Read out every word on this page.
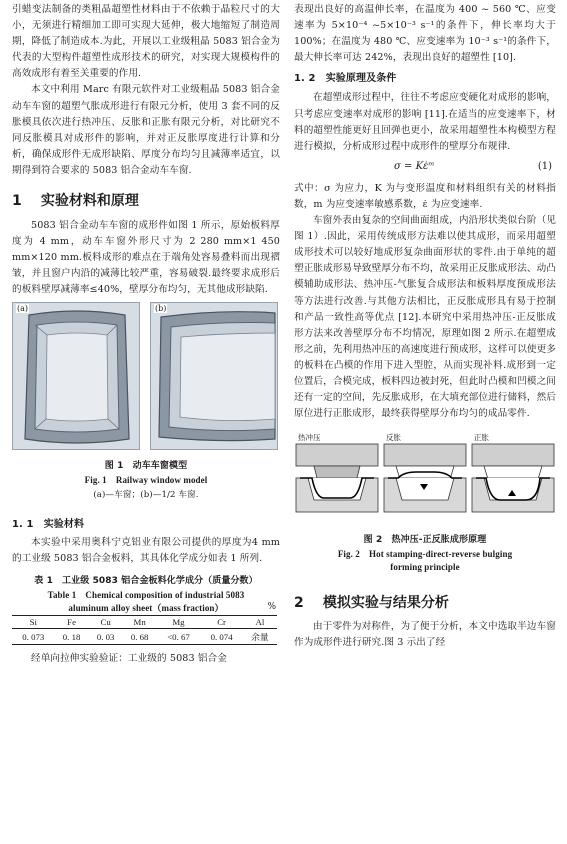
引蜡变法制备的类粗晶超塑性材料由于不依赖于晶粒尺寸的大小，无须进行精细加工即可实现大延伸，极大地缩短了制造周期，降低了制造成本.为此，开展以工业级粗晶 5083 铝合金为代表的大型构件超塑性成形技术的研究，对实现大规模构件的高效成形有着至关重要的作用.

本文中利用 Marc 有限元软件对工业级粗晶 5083 铝合金动车车窗的超塑气胀成形进行有限元分析，使用 3 套不同的反胀模具依次进行热冲压、反胀和正胀有限元分析，对比研究不同反胀模具对成形件的影响，并对正反胀厚度进行计算和分析，确保成形件无成形缺陷、厚度分布均匀且减薄率适宜，以期得到符合要求的 5083 铝合金动车车窗.

1 实验材料和原理

5083 铝合金动车车窗的成形件如图 1 所示，原始板料厚度为 4 mm，动车车窗外形尺寸为 2 280 mm×1 450 mm×120 mm.板料成形的难点在于端角处容易叠料而出现褶皱，并且窗户内沿的减薄比较严重，容易破裂.最终要求成形后的板料壁厚减薄率≤40%，壁厚分布均匀，无其他成形缺陷.

(a)	(b)

图 1　动车车窗模型

Fig. 1　Railway window model

(a)—车窗；(b)—1/2 车窗.

1. 1　实验材料

本实验中采用奥科宁克铝业有限公司提供的厚度为4 mm的工业级 5083 铝合金板料，其具体化学成分如表 1 所列.

表 1　工业级 5083 铝合金板料化学成分（质量分数）

Table 1　Chemical composition of industrial 5083

aluminum alloy sheet（mass fraction）	%
Si	Fe	Cu	Mn	Mg	Cr	Al
0. 073	0. 18	0. 03	0. 68	<0. 67	0. 074	余量

经单向拉伸实验验证：工业级的 5083 铝合金

表现出良好的高温伸长率，在温度为 400 ~ 560 ℃、应变速率为 5×10⁻⁴ ~5×10⁻³ s⁻¹的条件下，伸长率均大于 100%；在温度为 480 ℃、应变速率为 10⁻³ s⁻¹的条件下，最大伸长率可达 242%，表现出良好的超塑性 [10].

1. 2　实验原理及条件

在超塑成形过程中，往往不考虑应变硬化对成形的影响，只考虑应变速率对成形的影响 [11].在适当的应变速率下，材料的超塑性能更好且回弹也更小，故采用超塑性本构模型方程进行模拟，分析成形过程中成形件的壁厚分布规律.

σ = Kε̇ᵐ	(1)

式中：σ 为应力，K 为与变形温度和材料组织有关的材料指数，m 为应变速率敏感系数，ε̇ 为应变速率.

车窗外表由复杂的空间曲面组成，内沿形状类似台阶（见图 1）.因此，采用传统成形方法难以使其成形，而采用超塑成形技术可以较好地成形复杂曲面形状的零件.由于单纯的超塑正胀成形易导致壁厚分布不均，故采用正反胀成形法、动凸模辅助成形法、热冲压-气胀复合成形法和板料厚度预成形法等方法进行改善.与其他方法相比，正反胀成形具有易于控制和产品一致性高等优点 [12].本研究中采用热冲压-正反胀成形方法来改善壁厚分布不均情况，原理如图 2 所示.在超塑成形之前，先利用热冲压的高速度进行预成形，这样可以使更多的板料在凸模的作用下进入型腔，从而实现补料.成形到一定位置后，合模完成，板料四边被封死，但此时凸模和凹模之间还有一定的空间，先反胀成形，在大填充部位进行储料，然后原位进行正胀成形，最终获得壁厚分布均匀的成品零件.

热冲压	反胀	正胀

图 2　热冲压-正反胀成形原理

Fig. 2　Hot stamping-direct-reverse bulging

forming principle

2 模拟实验与结果分析

由于零件为对称件，为了便于分析，本文中选取半边车窗作为成形件进行研究.图 3 示出了经
